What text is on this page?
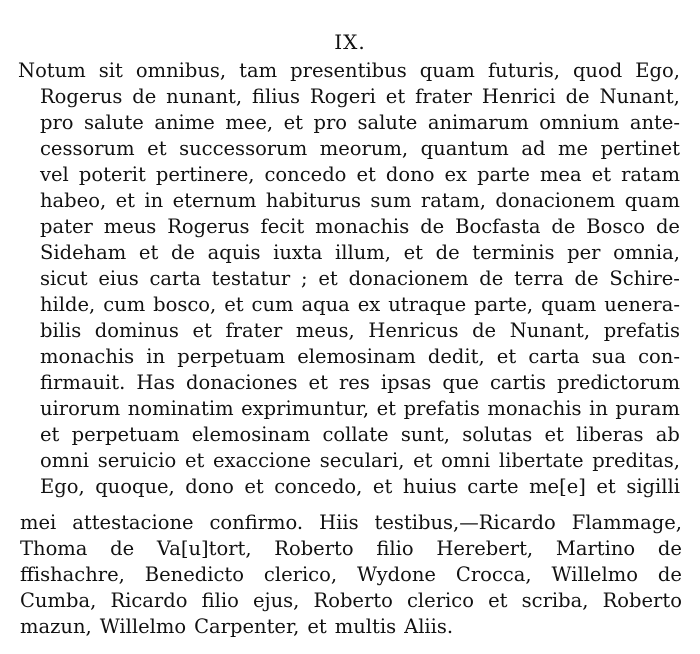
IX.
Notum sit omnibus, tam presentibus quam futuris, quod Ego,
Rogerus de nunant, filius Rogeri et frater Henrici de Nunant,
pro salute anime mee, et pro salute animarum omnium ante-
cessorum et successorum meorum, quantum ad me pertinet
vel poterit pertinere, concedo et dono ex parte mea et ratam
habeo, et in eternum habiturus sum ratam, donacionem quam
pater meus Rogerus fecit monachis de Bocfasta de Bosco de
Sideham et de aquis iuxta illum, et de terminis per omnia,
sicut eius carta testatur ; et donacionem de terra de Schire-
hilde, cum bosco, et cum aqua ex utraque parte, quam uenera-
bilis dominus et frater meus, Henricus de Nunant, prefatis
monachis in perpetuam elemosinam dedit, et carta sua con-
firmauit. Has donaciones et res ipsas que cartis predictorum
uirorum nominatim exprimuntur, et prefatis monachis in puram
et perpetuam elemosinam collate sunt, solutas et liberas ab
omni seruicio et exaccione seculari, et omni libertate preditas,
Ego, quoque, dono et concedo, et huius carte me[e] et sigilli
mei attestacione confirmo. Hiis testibus,—Ricardo Flammage,
Thoma de Va[u]tort, Roberto filio Herebert, Martino de
ffishachre, Benedicto clerico, Wydone Crocca, Willelmo de
Cumba, Ricardo filio ejus, Roberto clerico et scriba, Roberto
mazun, Willelmo Carpenter, et multis Aliis.
